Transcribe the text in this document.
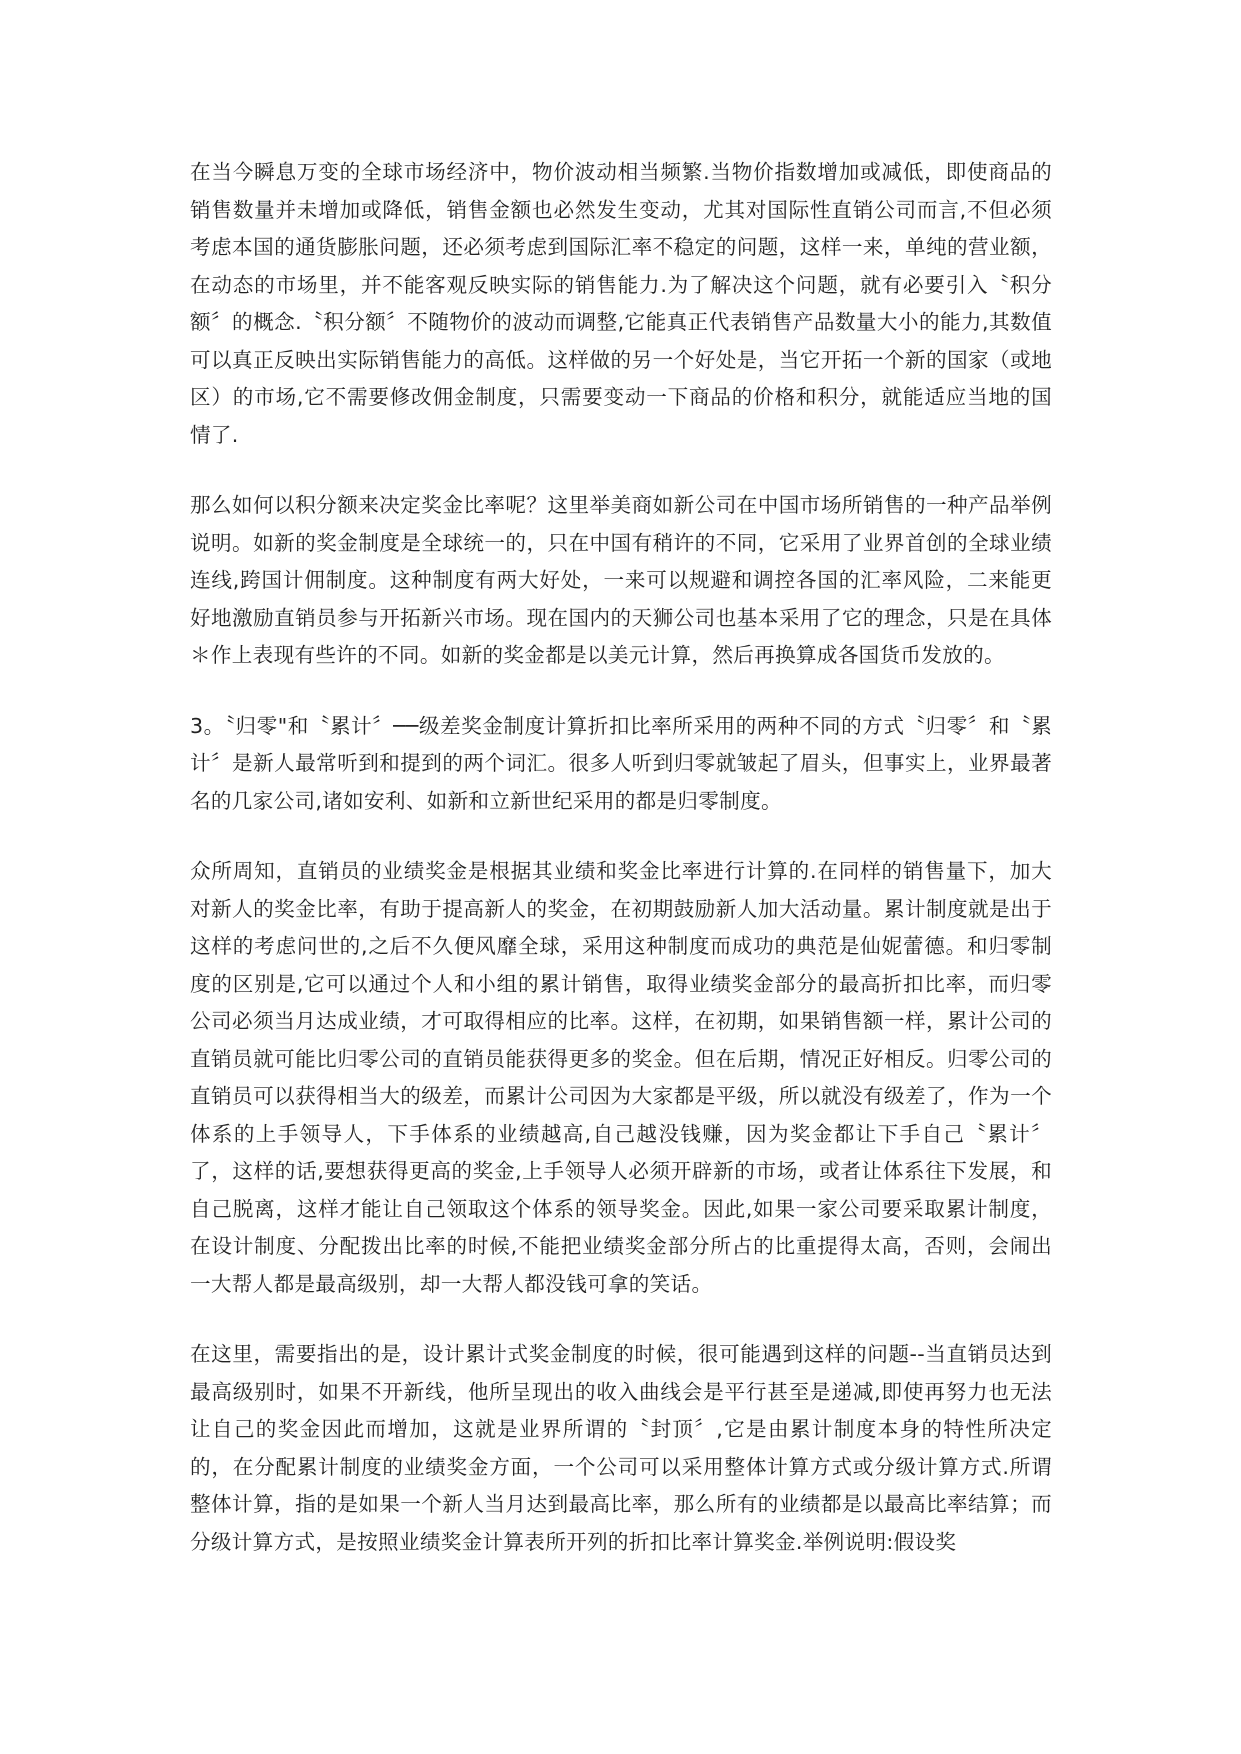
在当今瞬息万变的全球市场经济中，物价波动相当频繁.当物价指数增加或减低，即使商品的销售数量并未增加或降低，销售金额也必然发生变动，尤其对国际性直销公司而言,不但必须考虑本国的通货膨胀问题，还必须考虑到国际汇率不稳定的问题，这样一来，单纯的营业额，在动态的市场里，并不能客观反映实际的销售能力.为了解决这个问题，就有必要引入〝积分额〞的概念.〝积分额〞不随物价的波动而调整,它能真正代表销售产品数量大小的能力,其数值可以真正反映出实际销售能力的高低。这样做的另一个好处是，当它开拓一个新的国家（或地区）的市场,它不需要修改佣金制度，只需要变动一下商品的价格和积分，就能适应当地的国情了.

那么如何以积分额来决定奖金比率呢？这里举美商如新公司在中国市场所销售的一种产品举例说明。如新的奖金制度是全球统一的，只在中国有稍许的不同，它采用了业界首创的全球业绩连线,跨国计佣制度。这种制度有两大好处，一来可以规避和调控各国的汇率风险，二来能更好地激励直销员参与开拓新兴市场。现在国内的天狮公司也基本采用了它的理念，只是在具体＊作上表现有些许的不同。如新的奖金都是以美元计算，然后再换算成各国货币发放的。

3。〝归零"和〝累计〞──级差奖金制度计算折扣比率所采用的两种不同的方式〝归零〞和〝累计〞是新人最常听到和提到的两个词汇。很多人听到归零就皱起了眉头，但事实上，业界最著名的几家公司,诸如安利、如新和立新世纪采用的都是归零制度。

众所周知，直销员的业绩奖金是根据其业绩和奖金比率进行计算的.在同样的销售量下，加大对新人的奖金比率，有助于提高新人的奖金，在初期鼓励新人加大活动量。累计制度就是出于这样的考虑问世的,之后不久便风靡全球，采用这种制度而成功的典范是仙妮蕾德。和归零制度的区别是,它可以通过个人和小组的累计销售，取得业绩奖金部分的最高折扣比率，而归零公司必须当月达成业绩，才可取得相应的比率。这样，在初期，如果销售额一样，累计公司的直销员就可能比归零公司的直销员能获得更多的奖金。但在后期，情况正好相反。归零公司的直销员可以获得相当大的级差，而累计公司因为大家都是平级，所以就没有级差了，作为一个体系的上手领导人，下手体系的业绩越高,自己越没钱赚，因为奖金都让下手自己〝累计〞了，这样的话,要想获得更高的奖金,上手领导人必须开辟新的市场，或者让体系往下发展，和自己脱离，这样才能让自己领取这个体系的领导奖金。因此,如果一家公司要采取累计制度，在设计制度、分配拨出比率的时候,不能把业绩奖金部分所占的比重提得太高，否则，会闹出一大帮人都是最高级别，却一大帮人都没钱可拿的笑话。

在这里，需要指出的是，设计累计式奖金制度的时候，很可能遇到这样的问题--当直销员达到最高级别时，如果不开新线，他所呈现出的收入曲线会是平行甚至是递减,即使再努力也无法让自己的奖金因此而增加，这就是业界所谓的〝封顶〞,它是由累计制度本身的特性所决定的，在分配累计制度的业绩奖金方面，一个公司可以采用整体计算方式或分级计算方式.所谓整体计算，指的是如果一个新人当月达到最高比率，那么所有的业绩都是以最高比率结算；而分级计算方式，是按照业绩奖金计算表所开列的折扣比率计算奖金.举例说明:假设奖
